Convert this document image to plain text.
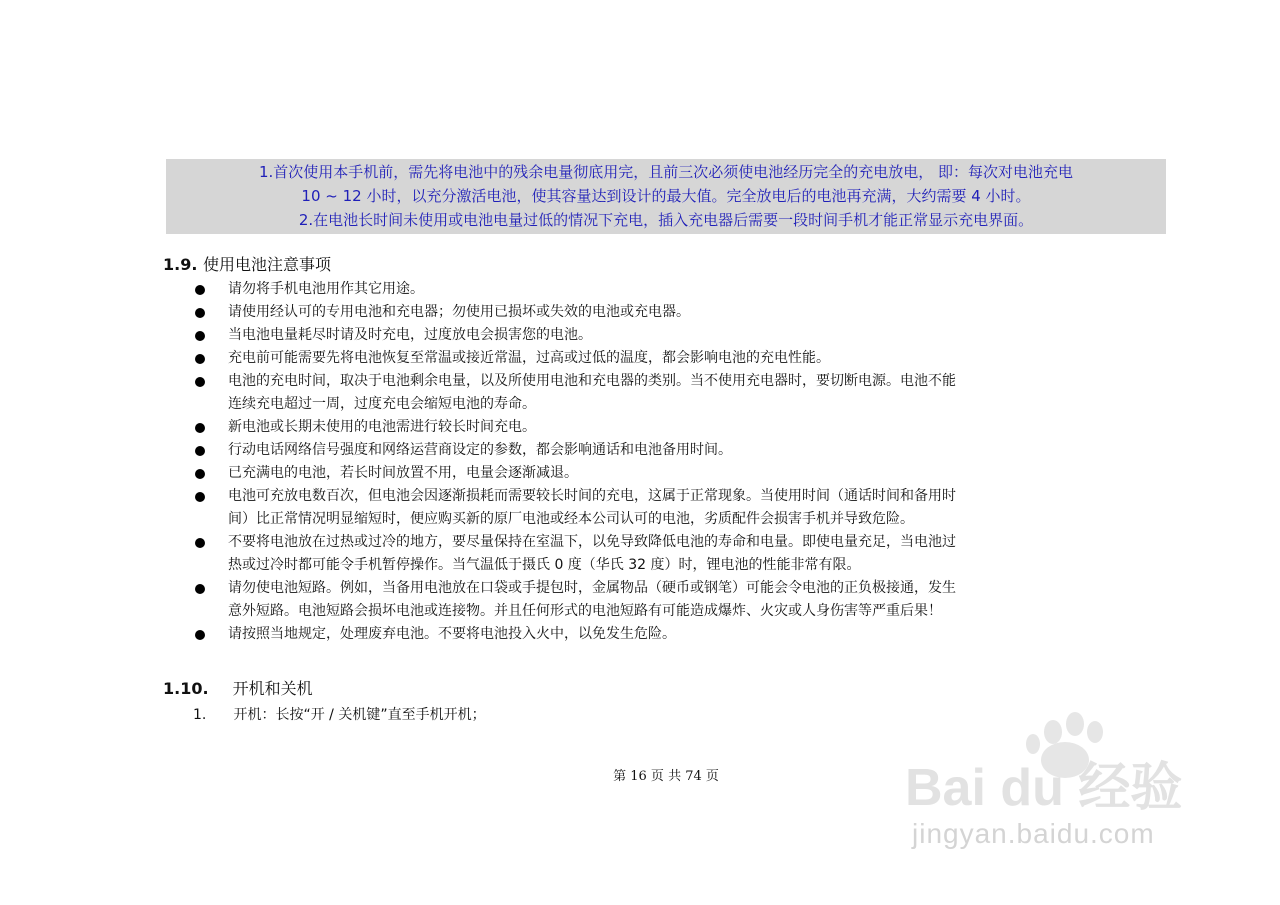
1.首次使用本手机前，需先将电池中的残余电量彻底用完，且前三次必须使电池经历完全的充电放电， 即：每次对电池充电
10 ~ 12 小时，以充分激活电池，使其容量达到设计的最大值。完全放电后的电池再充满，大约需要 4 小时。
2.在电池长时间未使用或电池电量过低的情况下充电，插入充电器后需要一段时间手机才能正常显示充电界面。
1.9. 使用电池注意事项
请勿将手机电池用作其它用途。
请使用经认可的专用电池和充电器；勿使用已损坏或失效的电池或充电器。
当电池电量耗尽时请及时充电，过度放电会损害您的电池。
充电前可能需要先将电池恢复至常温或接近常温，过高或过低的温度，都会影响电池的充电性能。
电池的充电时间，取决于电池剩余电量，以及所使用电池和充电器的类别。当不使用充电器时，要切断电源。电池不能
连续充电超过一周，过度充电会缩短电池的寿命。
新电池或长期未使用的电池需进行较长时间充电。
行动电话网络信号强度和网络运营商设定的参数，都会影响通话和电池备用时间。
已充满电的电池，若长时间放置不用，电量会逐渐减退。
电池可充放电数百次，但电池会因逐渐损耗而需要较长时间的充电，这属于正常现象。当使用时间（通话时间和备用时
间）比正常情况明显缩短时，便应购买新的原厂电池或经本公司认可的电池，劣质配件会损害手机并导致危险。
不要将电池放在过热或过冷的地方，要尽量保持在室温下，以免导致降低电池的寿命和电量。即使电量充足，当电池过
热或过冷时都可能令手机暂停操作。当气温低于摄氏 0 度（华氏 32 度）时，锂电池的性能非常有限。
请勿使电池短路。例如，当备用电池放在口袋或手提包时，金属物品（硬币或钢笔）可能会令电池的正负极接通，发生
意外短路。电池短路会损坏电池或连接物。并且任何形式的电池短路有可能造成爆炸、火灾或人身伤害等严重后果！
请按照当地规定，处理废弃电池。不要将电池投入火中，以免发生危险。
1.10. 开机和关机
1. 开机：长按“开 / 关机键”直至手机开机；
第 16 页 共 74 页	Bai du 经验
jingyan.baidu.com
